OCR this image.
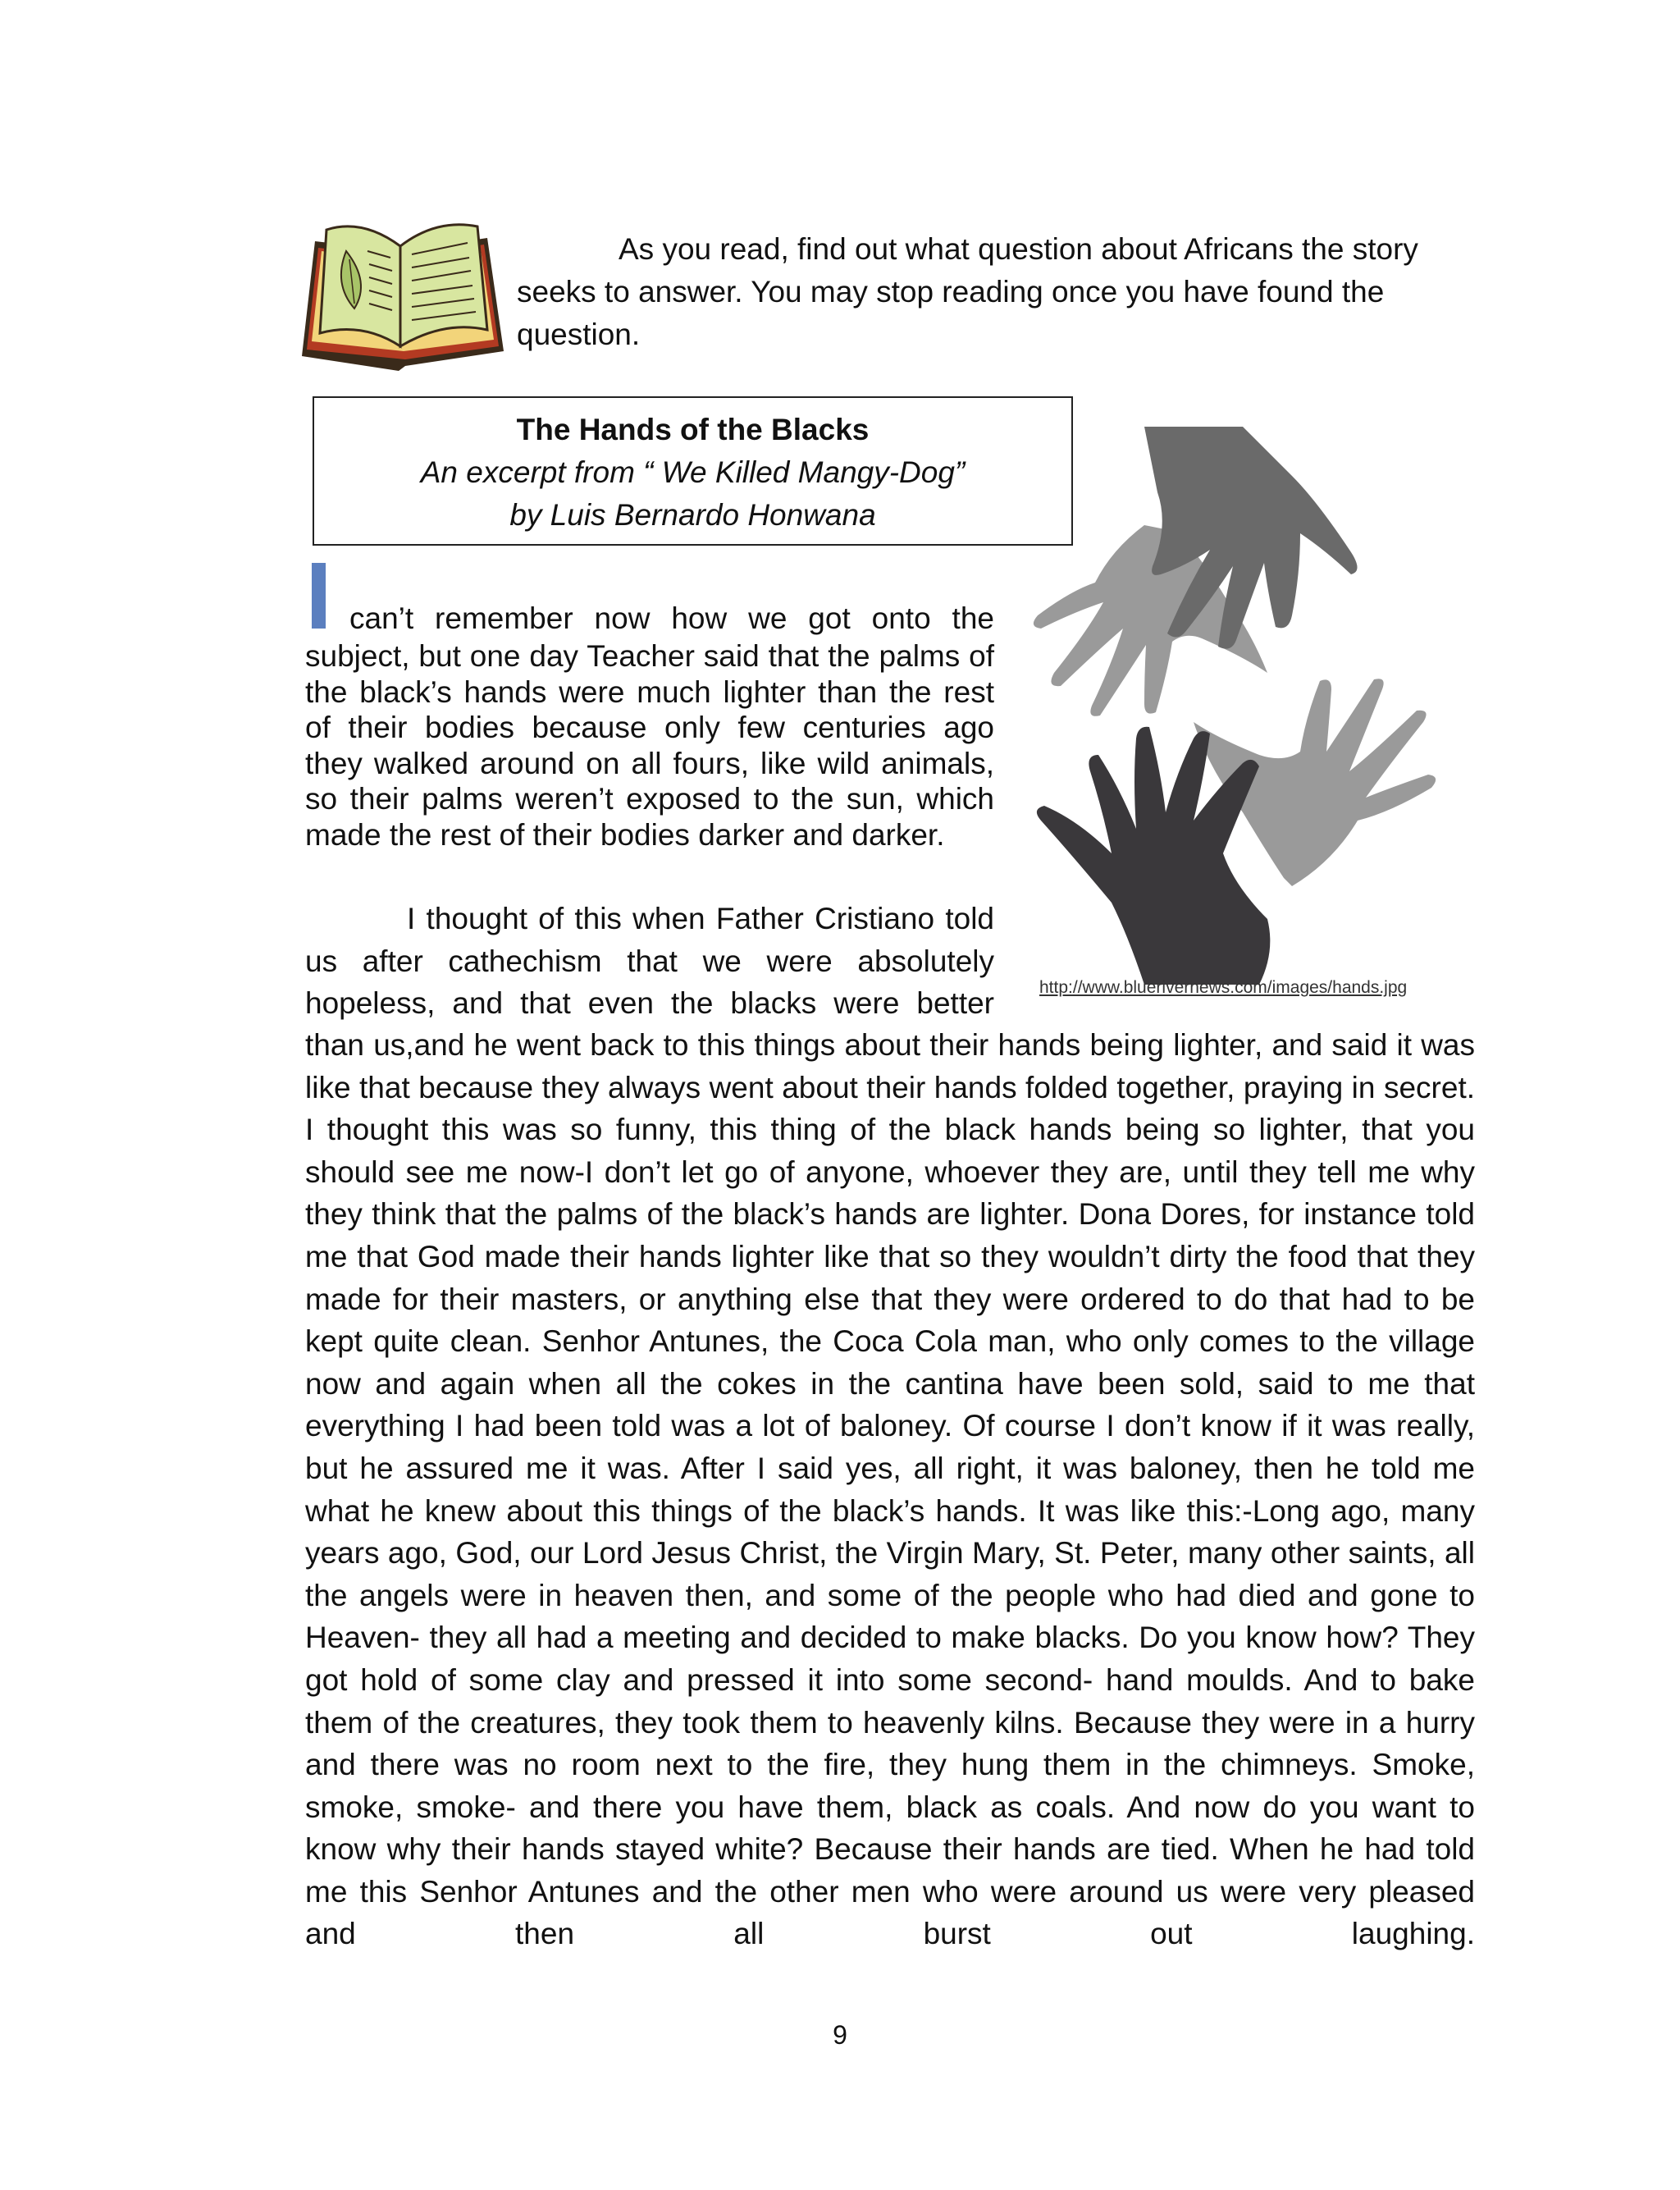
As you read, find out what question about Africans the story seeks to answer. You may stop reading once you have found the question.
The Hands of the Blacks
An excerpt from “ We Killed Mangy-Dog”
by Luis Bernardo Honwana
http://www.bluerivernews.com/images/hands.jpg
can’t remember now how we got onto the
subject, but one day Teacher said that the palms of the black’s hands were much lighter than the rest of their bodies because only few centuries ago they walked around on all fours, like wild animals, so their palms weren’t exposed to the sun, which made the rest of their bodies darker and darker.
I thought of this when Father Cristiano told us after cathechism that we were absolutely hopeless, and that even the blacks were better
than us,and he went back to this things about their hands being lighter, and said it was like that because they always went about their hands folded together, praying in secret. I thought this was so funny, this thing of the black hands being so lighter, that you should see me now-I don’t let go of anyone, whoever they are, until they tell me why they think that the palms of the black’s hands are lighter. Dona Dores, for instance told me that God made their hands lighter like that so they wouldn’t dirty the food that they made for their masters, or anything else that they were ordered to do that had to be kept quite clean. Senhor Antunes, the Coca Cola man, who only comes to the village now and again when all the cokes in the cantina have been sold, said to me that everything I had been told was a lot of baloney. Of course I don’t know if it was really, but he assured me it was. After I said yes, all right, it was baloney, then he told me what he knew about this things of the black’s hands. It was like this:-Long ago, many years ago, God, our Lord Jesus Christ, the Virgin Mary, St. Peter, many other saints, all the angels were in heaven then, and some of the people who had died and gone to Heaven- they all had a meeting and decided to make blacks. Do you know how? They got hold of some clay and pressed it into some second- hand moulds. And to bake them of the creatures, they took them to heavenly kilns. Because they were in a hurry and there was no room next to the fire, they hung them in the chimneys. Smoke, smoke, smoke- and there you have them, black as coals. And now do you want to know why their hands stayed white? Because their hands are tied. When he had told me this Senhor Antunes and the other men who were around us were very pleased and then all burst out laughing.
9
